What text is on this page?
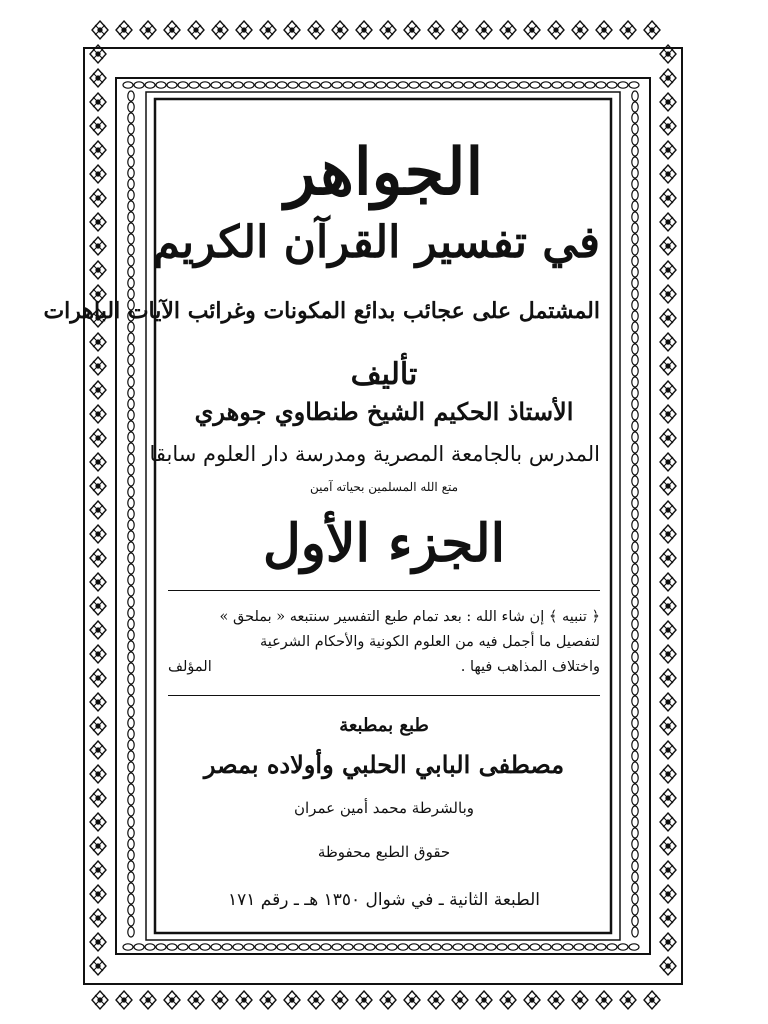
الجواهر
في تفسير القرآن الكريم
المشتمل على عجائب بدائع المكونات وغرائب الآيات الباهرات
تأليف
الأستاذ الحكيم الشيخ طنطاوي جوهري
المدرس بالجامعة المصرية ومدرسة دار العلوم سابقا
متع الله المسلمين بحياته آمين
الجزء الأول

﴿ تنبيه ﴾ إن شاء الله : بعد تمام طبع التفسير سنتبعه « بملحق »

لتفصيل ما أجمل فيه من العلوم الكونية والأحكام الشرعية

واختلاف المذاهب فيها .

المؤلف
طبع بمطبعة
مصطفى البابي الحلبي وأولاده بمصر
وبالشرطة محمد أمين عمران
حقوق الطبع محفوظة
الطبعة الثانية ـ في شوال ١٣٥٠ هـ ـ رقم ١٧١
